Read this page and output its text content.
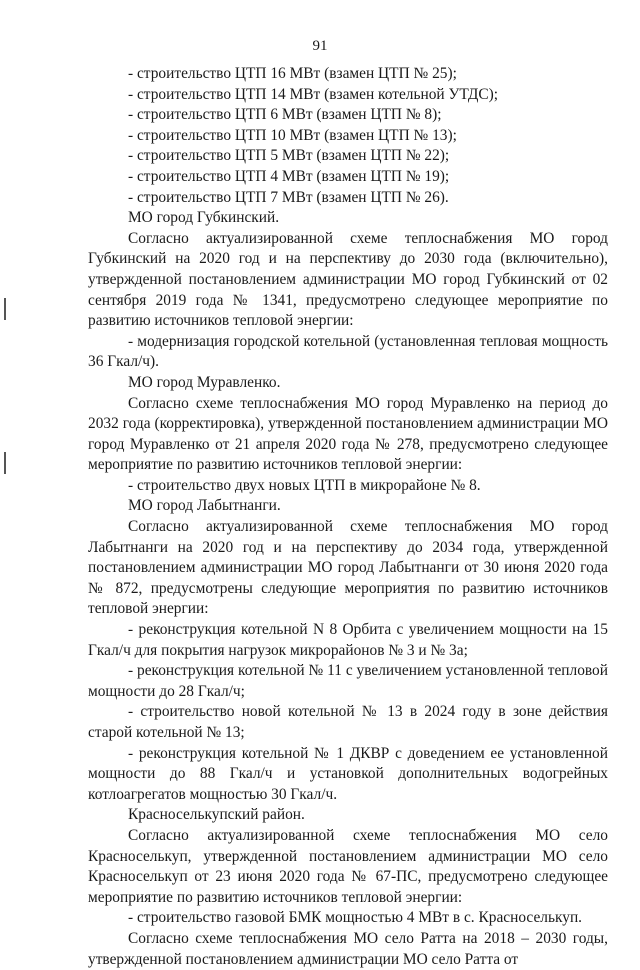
91

- строительство ЦТП 16 МВт (взамен ЦТП № 25);

- строительство ЦТП 14 МВт (взамен котельной УТДС);

- строительство ЦТП 6 МВт (взамен ЦТП № 8);

- строительство ЦТП 10 МВт (взамен ЦТП № 13);

- строительство ЦТП 5 МВт (взамен ЦТП № 22);

- строительство ЦТП 4 МВт (взамен ЦТП № 19);

- строительство ЦТП 7 МВт (взамен ЦТП № 26).

МО город Губкинский.

Согласно актуализированной схеме теплоснабжения МО город Губкинский на 2020 год и на перспективу до 2030 года (включительно), утвержденной постановлением администрации МО город Губкинский от 02 сентября 2019 года № 1341, предусмотрено следующее мероприятие по развитию источников тепловой энергии:

- модернизация городской котельной (установленная тепловая мощность 36 Гкал/ч).

МО город Муравленко.

Согласно схеме теплоснабжения МО город Муравленко на период до 2032 года (корректировка), утвержденной постановлением администрации МО город Муравленко от 21 апреля 2020 года № 278, предусмотрено следующее мероприятие по развитию источников тепловой энергии:

- строительство двух новых ЦТП в микрорайоне № 8.

МО город Лабытнанги.

Согласно актуализированной схеме теплоснабжения МО город Лабытнанги на 2020 год и на перспективу до 2034 года, утвержденной постановлением администрации МО город Лабытнанги от 30 июня 2020 года № 872, предусмотрены следующие мероприятия по развитию источников тепловой энергии:

- реконструкция котельной N 8 Орбита с увеличением мощности на 15 Гкал/ч для покрытия нагрузок микрорайонов № 3 и № 3а;

- реконструкция котельной № 11 с увеличением установленной тепловой мощности до 28 Гкал/ч;

- строительство новой котельной № 13 в 2024 году в зоне действия старой котельной № 13;

- реконструкция котельной № 1 ДКВР с доведением ее установленной мощности до 88 Гкал/ч и установкой дополнительных водогрейных котлоагрегатов мощностью 30 Гкал/ч.

Красноселькупский район.

Согласно актуализированной схеме теплоснабжения МО село Красноселькуп, утвержденной постановлением администрации МО село Красноселькуп от 23 июня 2020 года № 67-ПС, предусмотрено следующее мероприятие по развитию источников тепловой энергии:

- строительство газовой БМК мощностью 4 МВт в с. Красноселькуп.

Согласно схеме теплоснабжения МО село Ратта на 2018 – 2030 годы, утвержденной постановлением администрации МО село Ратта от
